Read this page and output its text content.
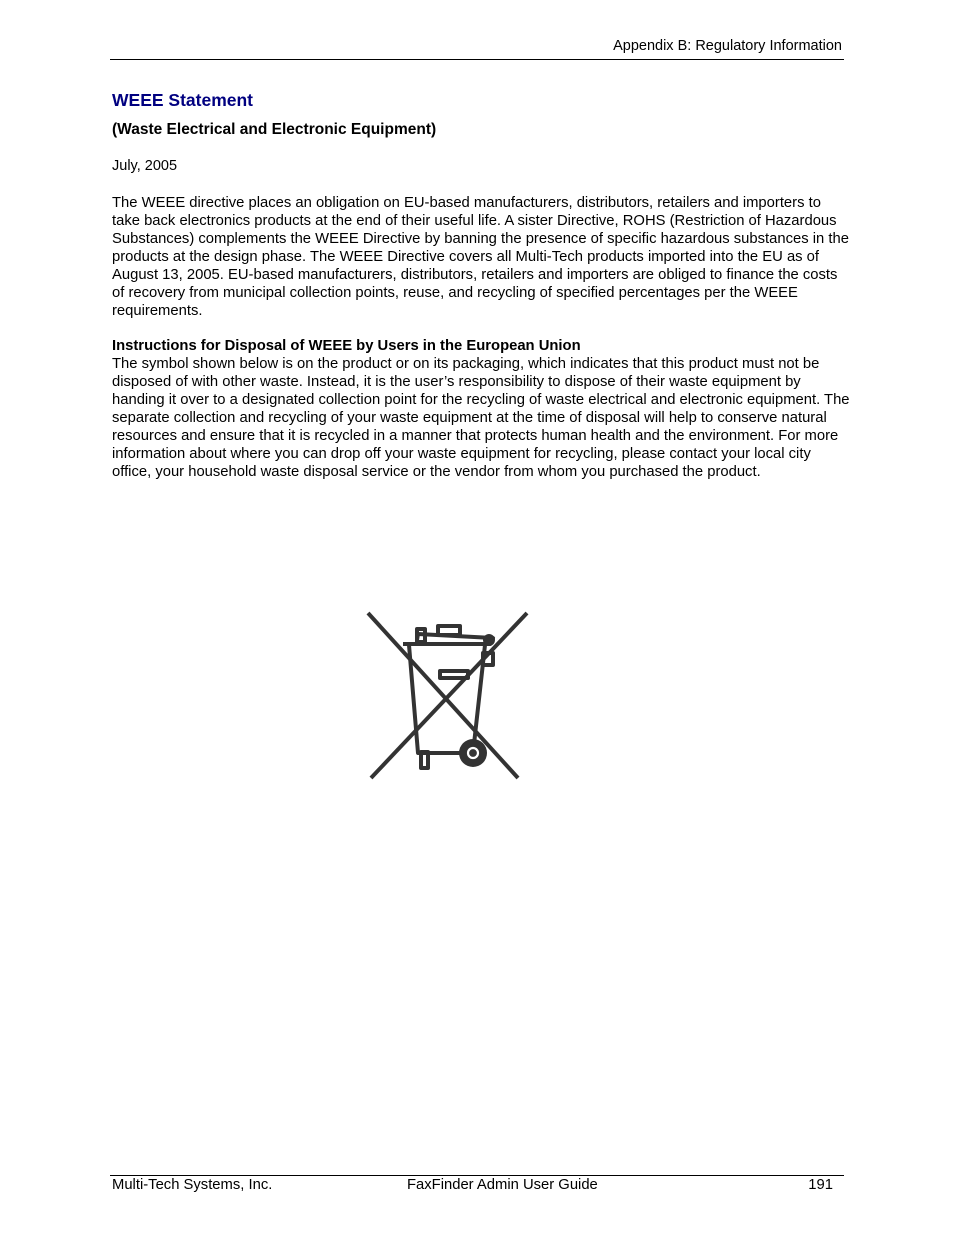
Appendix B: Regulatory Information
WEEE Statement

(Waste Electrical and Electronic Equipment)

July, 2005

The WEEE directive places an obligation on EU-based manufacturers, distributors, retailers and importers to take back electronics products at the end of their useful life. A sister Directive, ROHS (Restriction of Hazardous Substances) complements the WEEE Directive by banning the presence of specific hazardous substances in the products at the design phase. The WEEE Directive covers all Multi-Tech products imported into the EU as of August 13, 2005. EU-based manufacturers, distributors, retailers and importers are obliged to finance the costs of recovery from municipal collection points, reuse, and recycling of specified percentages per the WEEE requirements.

Instructions for Disposal of WEEE by Users in the European Union

The symbol shown below is on the product or on its packaging, which indicates that this product must not be disposed of with other waste. Instead, it is the user’s responsibility to dispose of their waste equipment by handing it over to a designated collection point for the recycling of waste electrical and electronic equipment. The separate collection and recycling of your waste equipment at the time of disposal will help to conserve natural resources and ensure that it is recycled in a manner that protects human health and the environment. For more information about where you can drop off your waste equipment for recycling, please contact your local city office, your household waste disposal service or the vendor from whom you purchased the product.

Multi-Tech Systems, Inc.	FaxFinder Admin User Guide	191
